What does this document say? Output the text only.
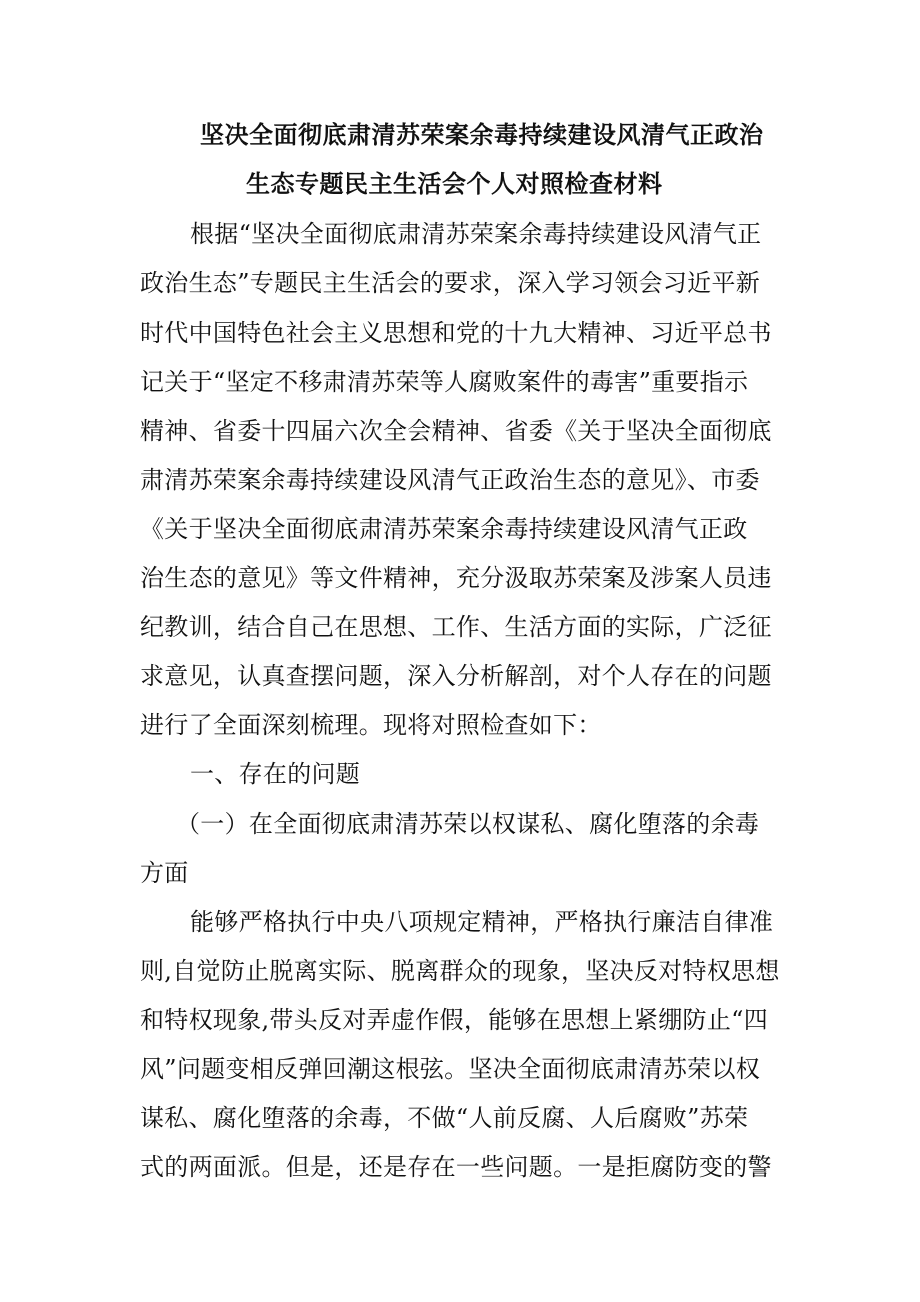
坚决全面彻底肃清苏荣案余毒持续建设风清气正政治
生态专题民主生活会个人对照检查材料
根据“坚决全面彻底肃清苏荣案余毒持续建设风清气正
政治生态”专题民主生活会的要求，深入学习领会习近平新
时代中国特色社会主义思想和党的十九大精神、习近平总书
记关于“坚定不移肃清苏荣等人腐败案件的毒害”重要指示
精神、省委十四届六次全会精神、省委《关于坚决全面彻底
肃清苏荣案余毒持续建设风清气正政治生态的意见》、市委
《关于坚决全面彻底肃清苏荣案余毒持续建设风清气正政
治生态的意见》等文件精神，充分汲取苏荣案及涉案人员违
纪教训，结合自己在思想、工作、生活方面的实际，广泛征
求意见，认真查摆问题，深入分析解剖，对个人存在的问题
进行了全面深刻梳理。现将对照检查如下：
一、存在的问题
（一）在全面彻底肃清苏荣以权谋私、腐化堕落的余毒
方面
能够严格执行中央八项规定精神，严格执行廉洁自律准
则,自觉防止脱离实际、脱离群众的现象，坚决反对特权思想
和特权现象,带头反对弄虚作假，能够在思想上紧绷防止“四
风”问题变相反弹回潮这根弦。坚决全面彻底肃清苏荣以权
谋私、腐化堕落的余毒，不做“人前反腐、人后腐败”苏荣
式的两面派。但是，还是存在一些问题。一是拒腐防变的警
